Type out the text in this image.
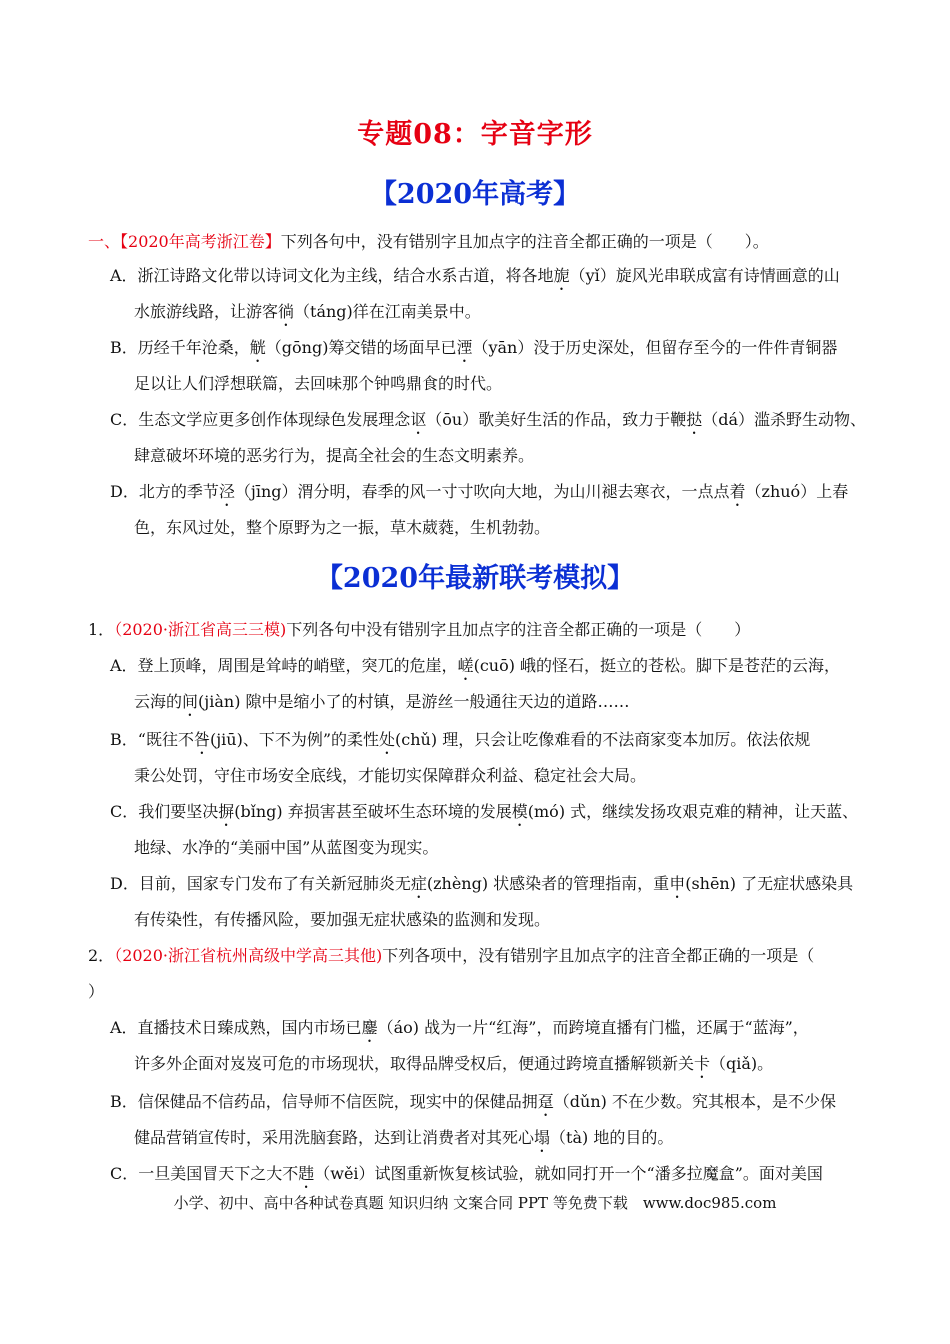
专题08：字音字形
【2020年高考】
一、【2020年高考浙江卷】下列各句中，没有错别字且加点字的注音全都正确的一项是（　　）。
A．浙江诗路文化带以诗词文化为主线，结合水系古道，将各地旎（yǐ）旋风光串联成富有诗情画意的山
水旅游线路，让游客徜（táng)徉在江南美景中。
B．历经千年沧桑，觥（gōng)筹交错的场面早已湮（yān）没于历史深处，但留存至今的一件件青铜器
足以让人们浮想联篇，去回味那个钟鸣鼎食的时代。
C．生态文学应更多创作体现绿色发展理念讴（ōu）歌美好生活的作品，致力于鞭挞（dá）滥杀野生动物、
肆意破坏环境的恶劣行为，提高全社会的生态文明素养。
D．北方的季节泾（jīng）渭分明，春季的风一寸寸吹向大地，为山川褪去寒衣，一点点着（zhuó）上春
色，东风过处，整个原野为之一振，草木葳蕤，生机勃勃。
【2020年最新联考模拟】
1．（2020·浙江省高三三模)下列各句中没有错别字且加点字的注音全都正确的一项是（　　）
A．登上顶峰，周围是耸峙的峭壁，突兀的危崖，嵯(cuō) 峨的怪石，挺立的苍松。脚下是苍茫的云海，
云海的间(jiàn) 隙中是缩小了的村镇，是游丝一般通往天边的道路……
B．“既往不咎(jiū)、下不为例”的柔性处(chǔ) 理，只会让吃像难看的不法商家变本加厉。依法依规
秉公处罚，守住市场安全底线，才能切实保障群众利益、稳定社会大局。
C．我们要坚决摒(bǐng) 弃损害甚至破坏生态环境的发展模(mó) 式，继续发扬攻艰克难的精神，让天蓝、
地绿、水净的“美丽中国”从蓝图变为现实。
D．目前，国家专门发布了有关新冠肺炎无症(zhèng) 状感染者的管理指南，重申(shēn) 了无症状感染具
有传染性，有传播风险，要加强无症状感染的监测和发现。
2．（2020·浙江省杭州高级中学高三其他)下列各项中，没有错别字且加点字的注音全都正确的一项是（
）
A．直播技术日臻成熟，国内市场已鏖（áo) 战为一片“红海”，而跨境直播有门槛，还属于“蓝海”，
许多外企面对岌岌可危的市场现状，取得品牌受权后，便通过跨境直播解锁新关卡（qiǎ)。
B．信保健品不信药品，信导师不信医院，现实中的保健品拥趸（dǔn) 不在少数。究其根本，是不少保
健品营销宣传时，采用洗脑套路，达到让消费者对其死心塌（tà) 地的目的。
C．一旦美国冒天下之大不韪（wěi）试图重新恢复核试验，就如同打开一个“潘多拉魔盒”。面对美国
小学、初中、高中各种试卷真题 知识归纳 文案合同 PPT 等免费下载　www.doc985.com
